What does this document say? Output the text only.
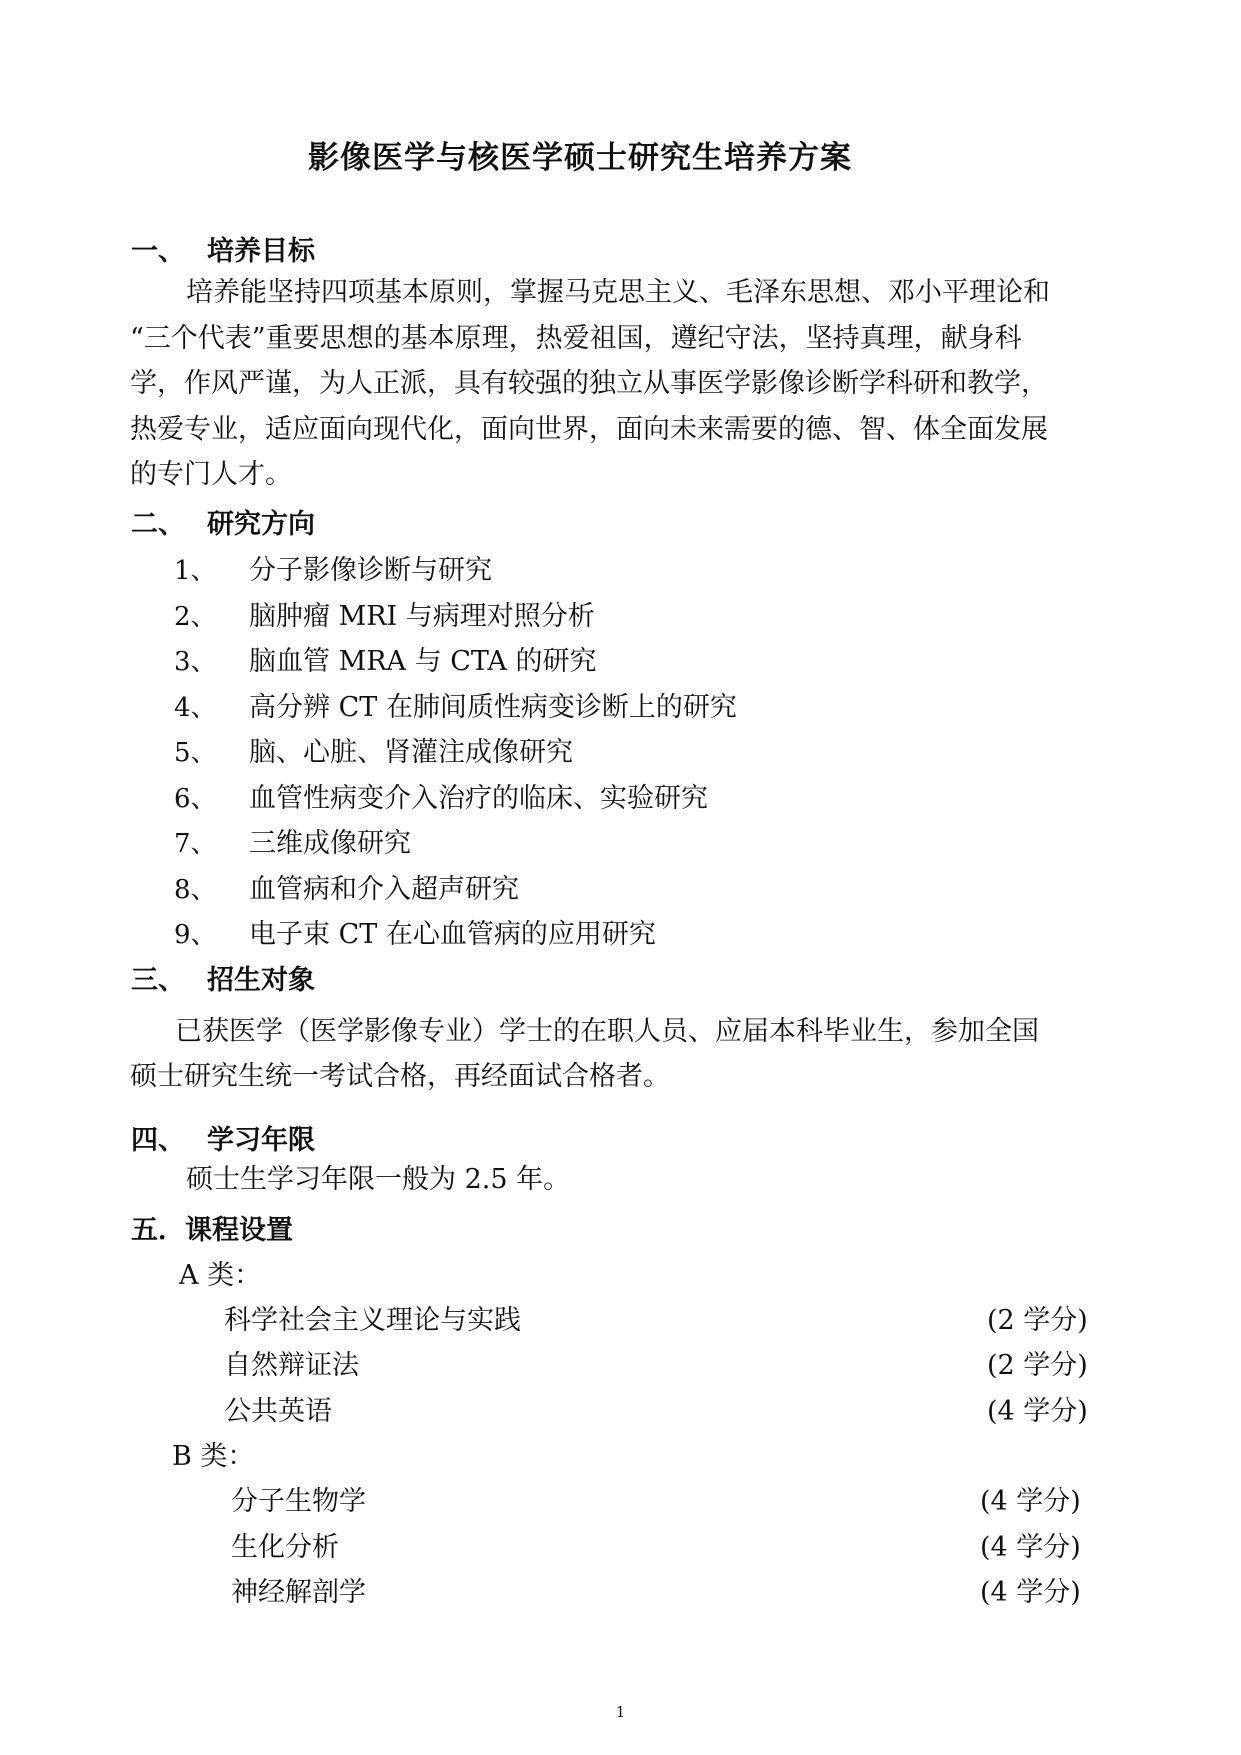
影像医学与核医学硕士研究生培养方案
一、 培养目标
培养能坚持四项基本原则，掌握马克思主义、毛泽东思想、邓小平理论和
“三个代表”重要思想的基本原理，热爱祖国，遵纪守法，坚持真理，献身科
学，作风严谨，为人正派，具有较强的独立从事医学影像诊断学科研和教学，
热爱专业，适应面向现代化，面向世界，面向未来需要的德、智、体全面发展
的专门人才。
二、 研究方向
1、 分子影像诊断与研究
2、 脑肿瘤 MRI 与病理对照分析
3、 脑血管 MRA 与 CTA 的研究
4、 高分辨 CT 在肺间质性病变诊断上的研究
5、 脑、心脏、肾灌注成像研究
6、 血管性病变介入治疗的临床、实验研究
7、 三维成像研究
8、 血管病和介入超声研究
9、 电子束 CT 在心血管病的应用研究
三、 招生对象
已获医学（医学影像专业）学士的在职人员、应届本科毕业生，参加全国
硕士研究生统一考试合格，再经面试合格者。
四、 学习年限
硕士生学习年限一般为 2.5 年。
五．课程设置
A 类：
科学社会主义理论与实践	(2 学分)
自然辩证法	(2 学分)
公共英语	(4 学分)
B 类：
分子生物学	(4 学分)
生化分析	(4 学分)
神经解剖学	(4 学分)
1
